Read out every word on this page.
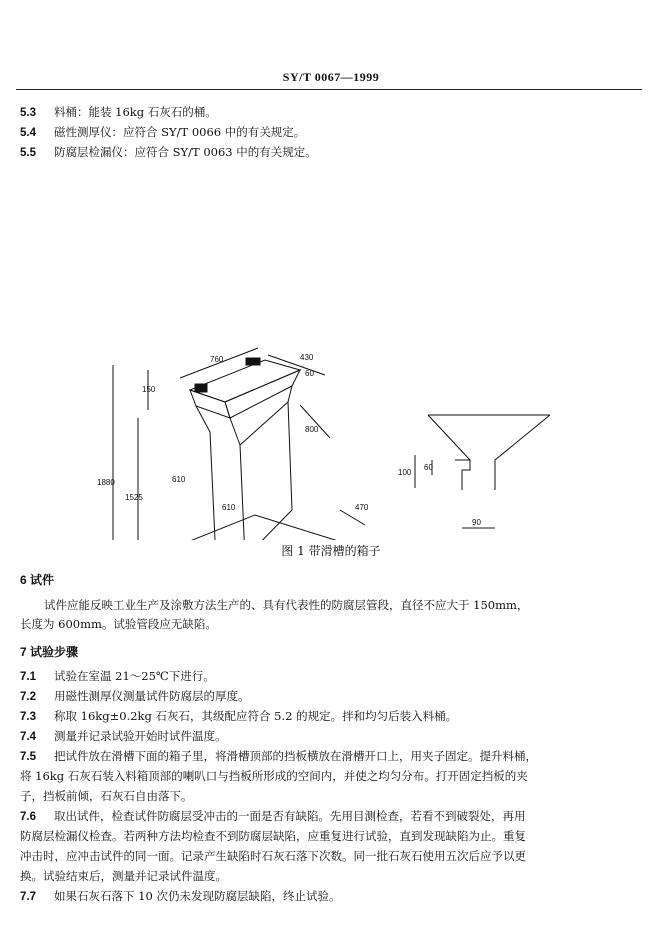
SY/T 0067—1999
5.3 料桶：能装 16kg 石灰石的桶。
5.4 磁性测厚仪：应符合 SY/T 0066 中的有关规定。
5.5 防腐层检漏仪：应符合 SY/T 0063 中的有关规定。
760	430
60
150
800
1880
1525
610
610	470
100
60
90
图 1 带滑槽的箱子
6 试件
试件应能反映工业生产及涂敷方法生产的、具有代表性的防腐层管段，直径不应大于 150mm，
长度为 600mm。试验管段应无缺陷。
7 试验步骤
7.1 试验在室温 21～25℃下进行。
7.2 用磁性测厚仪测量试件防腐层的厚度。
7.3 称取 16kg±0.2kg 石灰石，其级配应符合 5.2 的规定。拌和均匀后装入料桶。
7.4 测量并记录试验开始时试件温度。
7.5 把试件放在滑槽下面的箱子里，将滑槽顶部的挡板横放在滑槽开口上，用夹子固定。提升料桶，
将 16kg 石灰石装入料箱顶部的喇叭口与挡板所形成的空间内，并使之均匀分布。打开固定挡板的夹
子，挡板前倾，石灰石自由落下。
7.6 取出试件，检查试件防腐层受冲击的一面是否有缺陷。先用目测检查，若看不到破裂处，再用
防腐层检漏仪检查。若两种方法均检查不到防腐层缺陷，应重复进行试验，直到发现缺陷为止。重复
冲击时，应冲击试件的同一面。记录产生缺陷时石灰石落下次数。同一批石灰石使用五次后应予以更
换。试验结束后，测量并记录试件温度。
7.7 如果石灰石落下 10 次仍未发现防腐层缺陷，终止试验。
